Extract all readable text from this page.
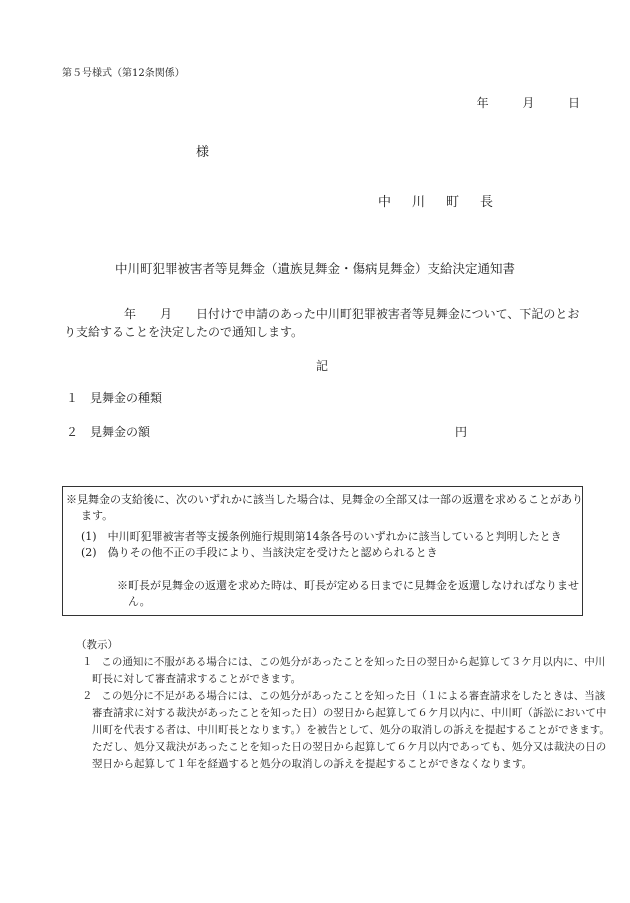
第５号様式（第12条関係）
年	月	日
様
中　川　町　長
中川町犯罪被害者等見舞金（遺族見舞金・傷病見舞金）支給決定通知書
　　　　　年　　月　　日付けで申請のあった中川町犯罪被害者等見舞金について、下記のとお
り支給することを決定したので通知します。
記
１　見舞金の種類
２　見舞金の額	円
※見舞金の支給後に、次のいずれかに該当した場合は、見舞金の全部又は一部の返還を求めることがあり
ます。
(1)　中川町犯罪被害者等支援条例施行規則第14条各号のいずれかに該当していると判明したとき
(2)　偽りその他不正の手段により、当該決定を受けたと認められるとき
※町長が見舞金の返還を求めた時は、町長が定める日までに見舞金を返還しなければなりませ
ん。
（教示）
１ この通知に不服がある場合には、この処分があったことを知った日の翌日から起算して３ケ月以内に、中川
町長に対して審査請求することができます。
２ この処分に不足がある場合には、この処分があったことを知った日（１による審査請求をしたときは、当該
審査請求に対する裁決があったことを知った日）の翌日から起算して６ケ月以内に、中川町（訴訟において中
川町を代表する者は、中川町長となります。）を被告として、処分の取消しの訴えを提起することができます。
ただし、処分又裁決があったことを知った日の翌日から起算して６ケ月以内であっても、処分又は裁決の日の
翌日から起算して１年を経過すると処分の取消しの訴えを提起することができなくなります。
